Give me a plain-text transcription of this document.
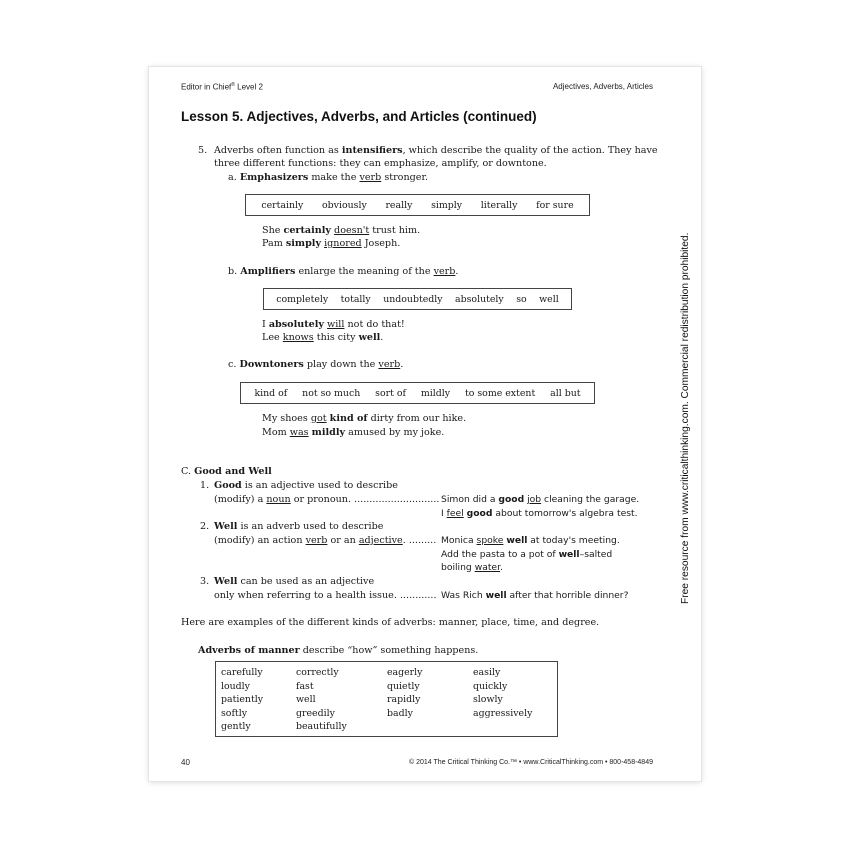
Editor in Chief® Level 2	Adjectives, Adverbs, Articles
Lesson 5. Adjectives, Adverbs, and Articles (continued)
5. Adverbs often function as intensifiers, which describe the quality of the action. They have
three different functions: they can emphasize, amplify, or downtone.
a. Emphasizers make the verb stronger.
certainly obviously really simply literally for sure
She certainly doesn't trust him.
Pam simply ignored Joseph.
b. Amplifiers enlarge the meaning of the verb.
completely totally undoubtedly absolutely so well
I absolutely will not do that!
Lee knows this city well.
c. Downtoners play down the verb.
kind of not so much sort of mildly to some extent all but
My shoes got kind of dirty from our hike.
Mom was mildly amused by my joke.
C. Good and Well
1. Good is an adjective used to describe
(modify) a noun or pronoun. ............................ Simon did a good job cleaning the garage.
I feel good about tomorrow's algebra test.
2. Well is an adverb used to describe
(modify) an action verb or an adjective. ......... Monica spoke well at today's meeting.
Add the pasta to a pot of well–salted
boiling water.
3. Well can be used as an adjective
only when referring to a health issue. ............ Was Rich well after that horrible dinner?
Here are examples of the different kinds of adverbs: manner, place, time, and degree.
Adverbs of manner describe “how” something happens.
carefully
loudly
patiently
softly
gently
correctly
fast
well
greedily
beautifully
eagerly
quietly
rapidly
badly
easily
quickly
slowly
aggressively
40	© 2014 The Critical Thinking Co.™ • www.CriticalThinking.com • 800-458-4849
Free resource from www.criticalthinking.com. Commercial redistribution prohibited.
